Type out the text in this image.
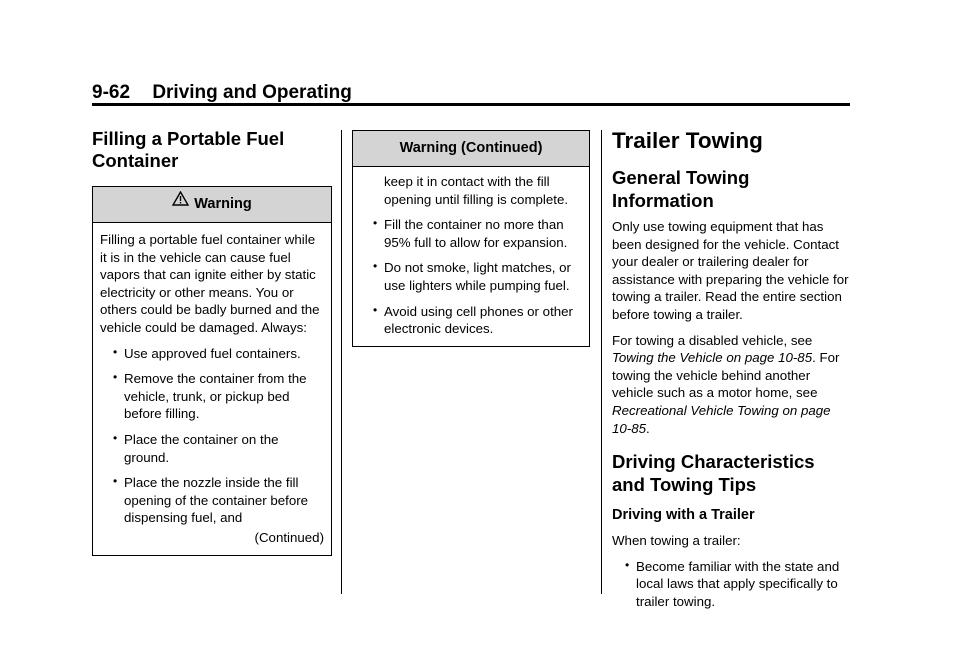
9-62 Driving and Operating
Filling a Portable Fuel Container
Warning

Filling a portable fuel container while it is in the vehicle can cause fuel vapors that can ignite either by static electricity or other means. You or others could be badly burned and the vehicle could be damaged. Always:

• Use approved fuel containers.
• Remove the container from the vehicle, trunk, or pickup bed before filling.
• Place the container on the ground.
• Place the nozzle inside the fill opening of the container before dispensing fuel, and
(Continued)
Warning (Continued)

keep it in contact with the fill opening until filling is complete.

• Fill the container no more than 95% full to allow for expansion.
• Do not smoke, light matches, or use lighters while pumping fuel.
• Avoid using cell phones or other electronic devices.
Trailer Towing
General Towing Information

Only use towing equipment that has been designed for the vehicle. Contact your dealer or trailering dealer for assistance with preparing the vehicle for towing a trailer. Read the entire section before towing a trailer.

For towing a disabled vehicle, see Towing the Vehicle on page 10-85. For towing the vehicle behind another vehicle such as a motor home, see Recreational Vehicle Towing on page 10-85.

Driving Characteristics and Towing Tips
Driving with a Trailer

When towing a trailer:

• Become familiar with the state and local laws that apply specifically to trailer towing.
